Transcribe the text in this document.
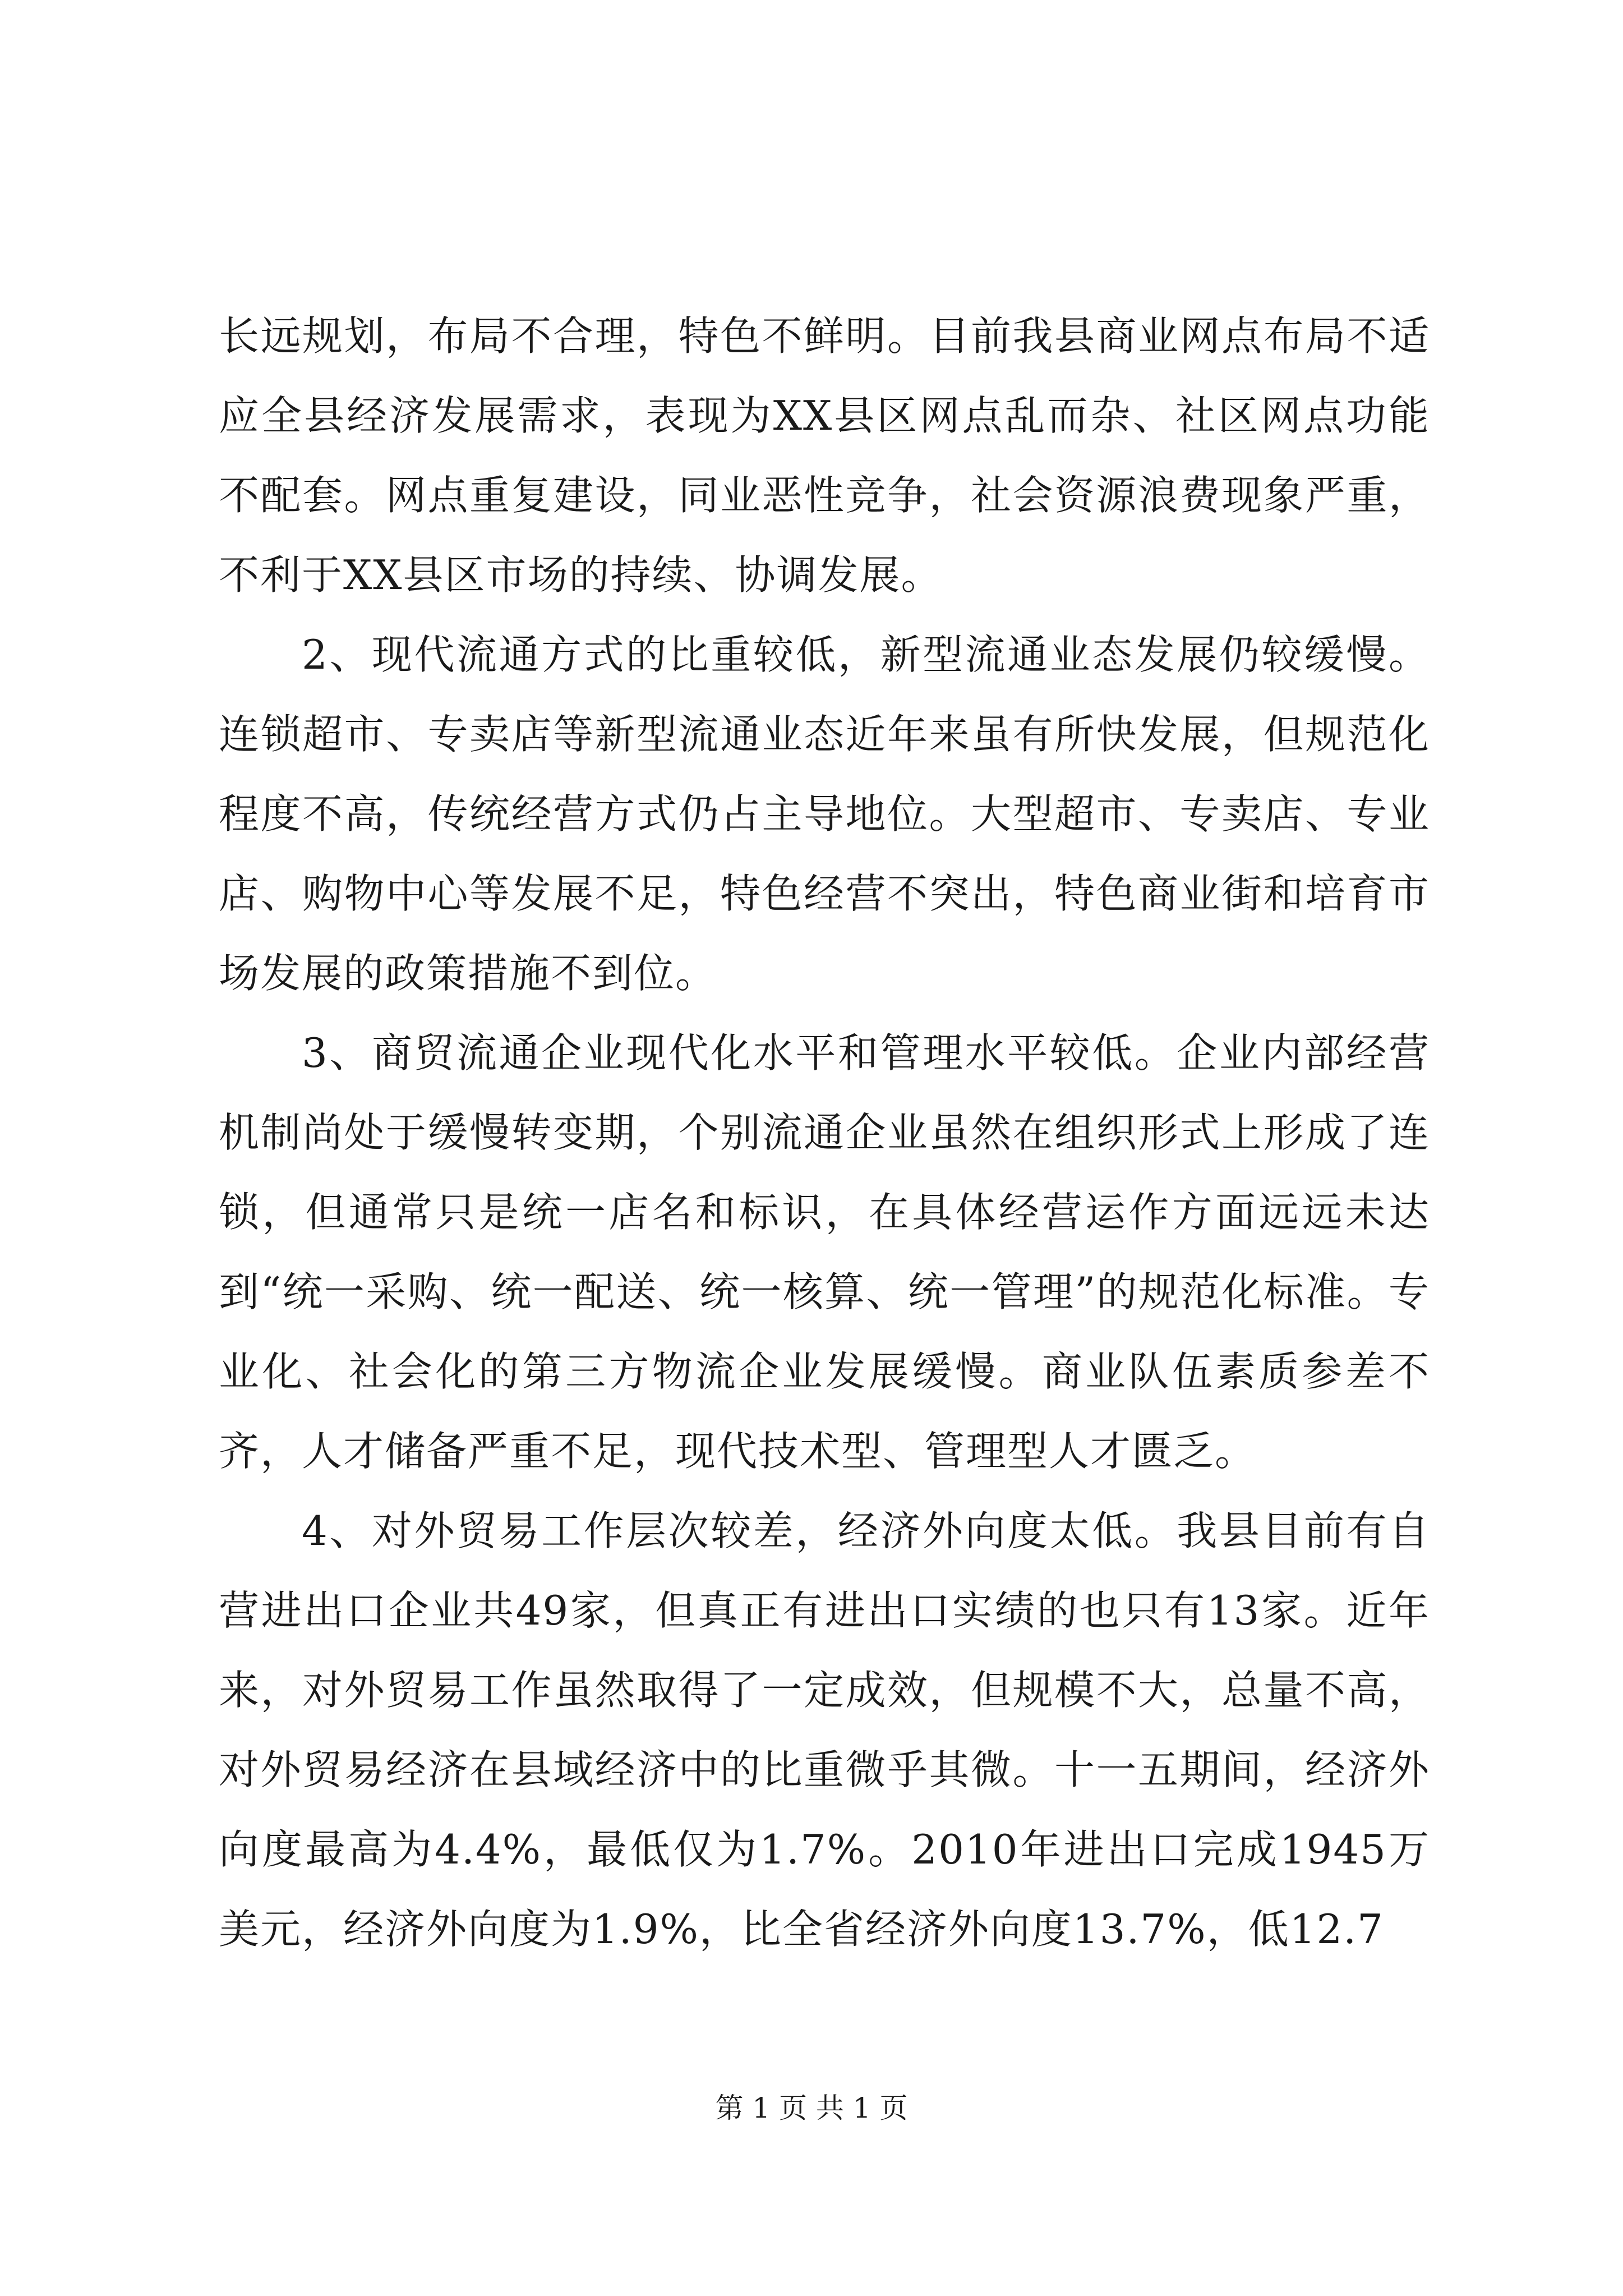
长远规划，布局不合理，特色不鲜明。目前我县商业网点布局不适应全县经济发展需求，表现为XX县区网点乱而杂、社区网点功能不配套。网点重复建设，同业恶性竞争，社会资源浪费现象严重，不利于XX县区市场的持续、协调发展。

2、现代流通方式的比重较低，新型流通业态发展仍较缓慢。连锁超市、专卖店等新型流通业态近年来虽有所快发展，但规范化程度不高，传统经营方式仍占主导地位。大型超市、专卖店、专业店、购物中心等发展不足，特色经营不突出，特色商业街和培育市场发展的政策措施不到位。

3、商贸流通企业现代化水平和管理水平较低。企业内部经营机制尚处于缓慢转变期，个别流通企业虽然在组织形式上形成了连锁，但通常只是统一店名和标识，在具体经营运作方面远远未达到“统一采购、统一配送、统一核算、统一管理”的规范化标准。专业化、社会化的第三方物流企业发展缓慢。商业队伍素质参差不齐，人才储备严重不足，现代技术型、管理型人才匮乏。

4、对外贸易工作层次较差，经济外向度太低。我县目前有自营进出口企业共49家，但真正有进出口实绩的也只有13家。近年来，对外贸易工作虽然取得了一定成效，但规模不大，总量不高，对外贸易经济在县域经济中的比重微乎其微。十一五期间，经济外向度最高为4.4%，最低仅为1.7%。2010年进出口完成1945万美元，经济外向度为1.9%，比全省经济外向度13.7%，低12.7

第 1 页 共 1 页
